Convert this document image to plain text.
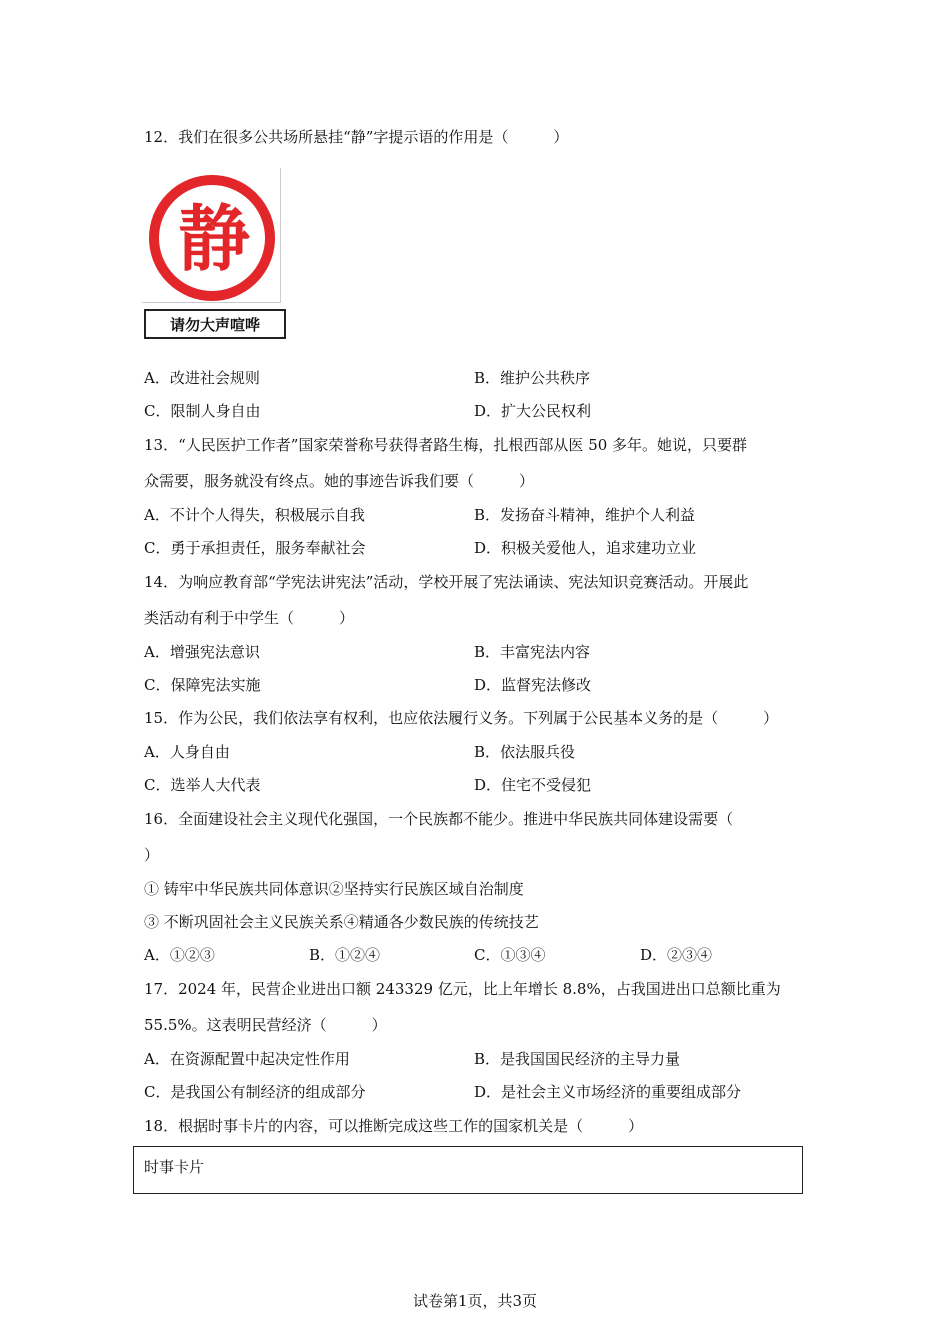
12．我们在很多公共场所悬挂“静”字提示语的作用是（　　　）
静
请勿大声喧哗
A．改进社会规则	B．维护公共秩序
C．限制人身自由	D．扩大公民权利
13．“人民医护工作者”国家荣誉称号获得者路生梅，扎根西部从医 50 多年。她说，只要群
众需要，服务就没有终点。她的事迹告诉我们要（　　　）
A．不计个人得失，积极展示自我	B．发扬奋斗精神，维护个人利益
C．勇于承担责任，服务奉献社会	D．积极关爱他人，追求建功立业
14．为响应教育部“学宪法讲宪法”活动，学校开展了宪法诵读、宪法知识竞赛活动。开展此
类活动有利于中学生（　　　）
A．增强宪法意识	B．丰富宪法内容
C．保障宪法实施	D．监督宪法修改
15．作为公民，我们依法享有权利，也应依法履行义务。下列属于公民基本义务的是（　　　）
A．人身自由	B．依法服兵役
C．选举人大代表	D．住宅不受侵犯
16．全面建设社会主义现代化强国，一个民族都不能少。推进中华民族共同体建设需要（
）
① 铸牢中华民族共同体意识②坚持实行民族区域自治制度
③ 不断巩固社会主义民族关系④精通各少数民族的传统技艺
A．①②③	B．①②④	C．①③④	D．②③④
17．2024 年，民营企业进出口额 243329 亿元，比上年增长 8.8%，占我国进出口总额比重为
55.5%。这表明民营经济（　　　）
A．在资源配置中起决定性作用	B．是我国国民经济的主导力量
C．是我国公有制经济的组成部分	D．是社会主义市场经济的重要组成部分
18．根据时事卡片的内容，可以推断完成这些工作的国家机关是（　　　）
时事卡片
试卷第1页，共3页
